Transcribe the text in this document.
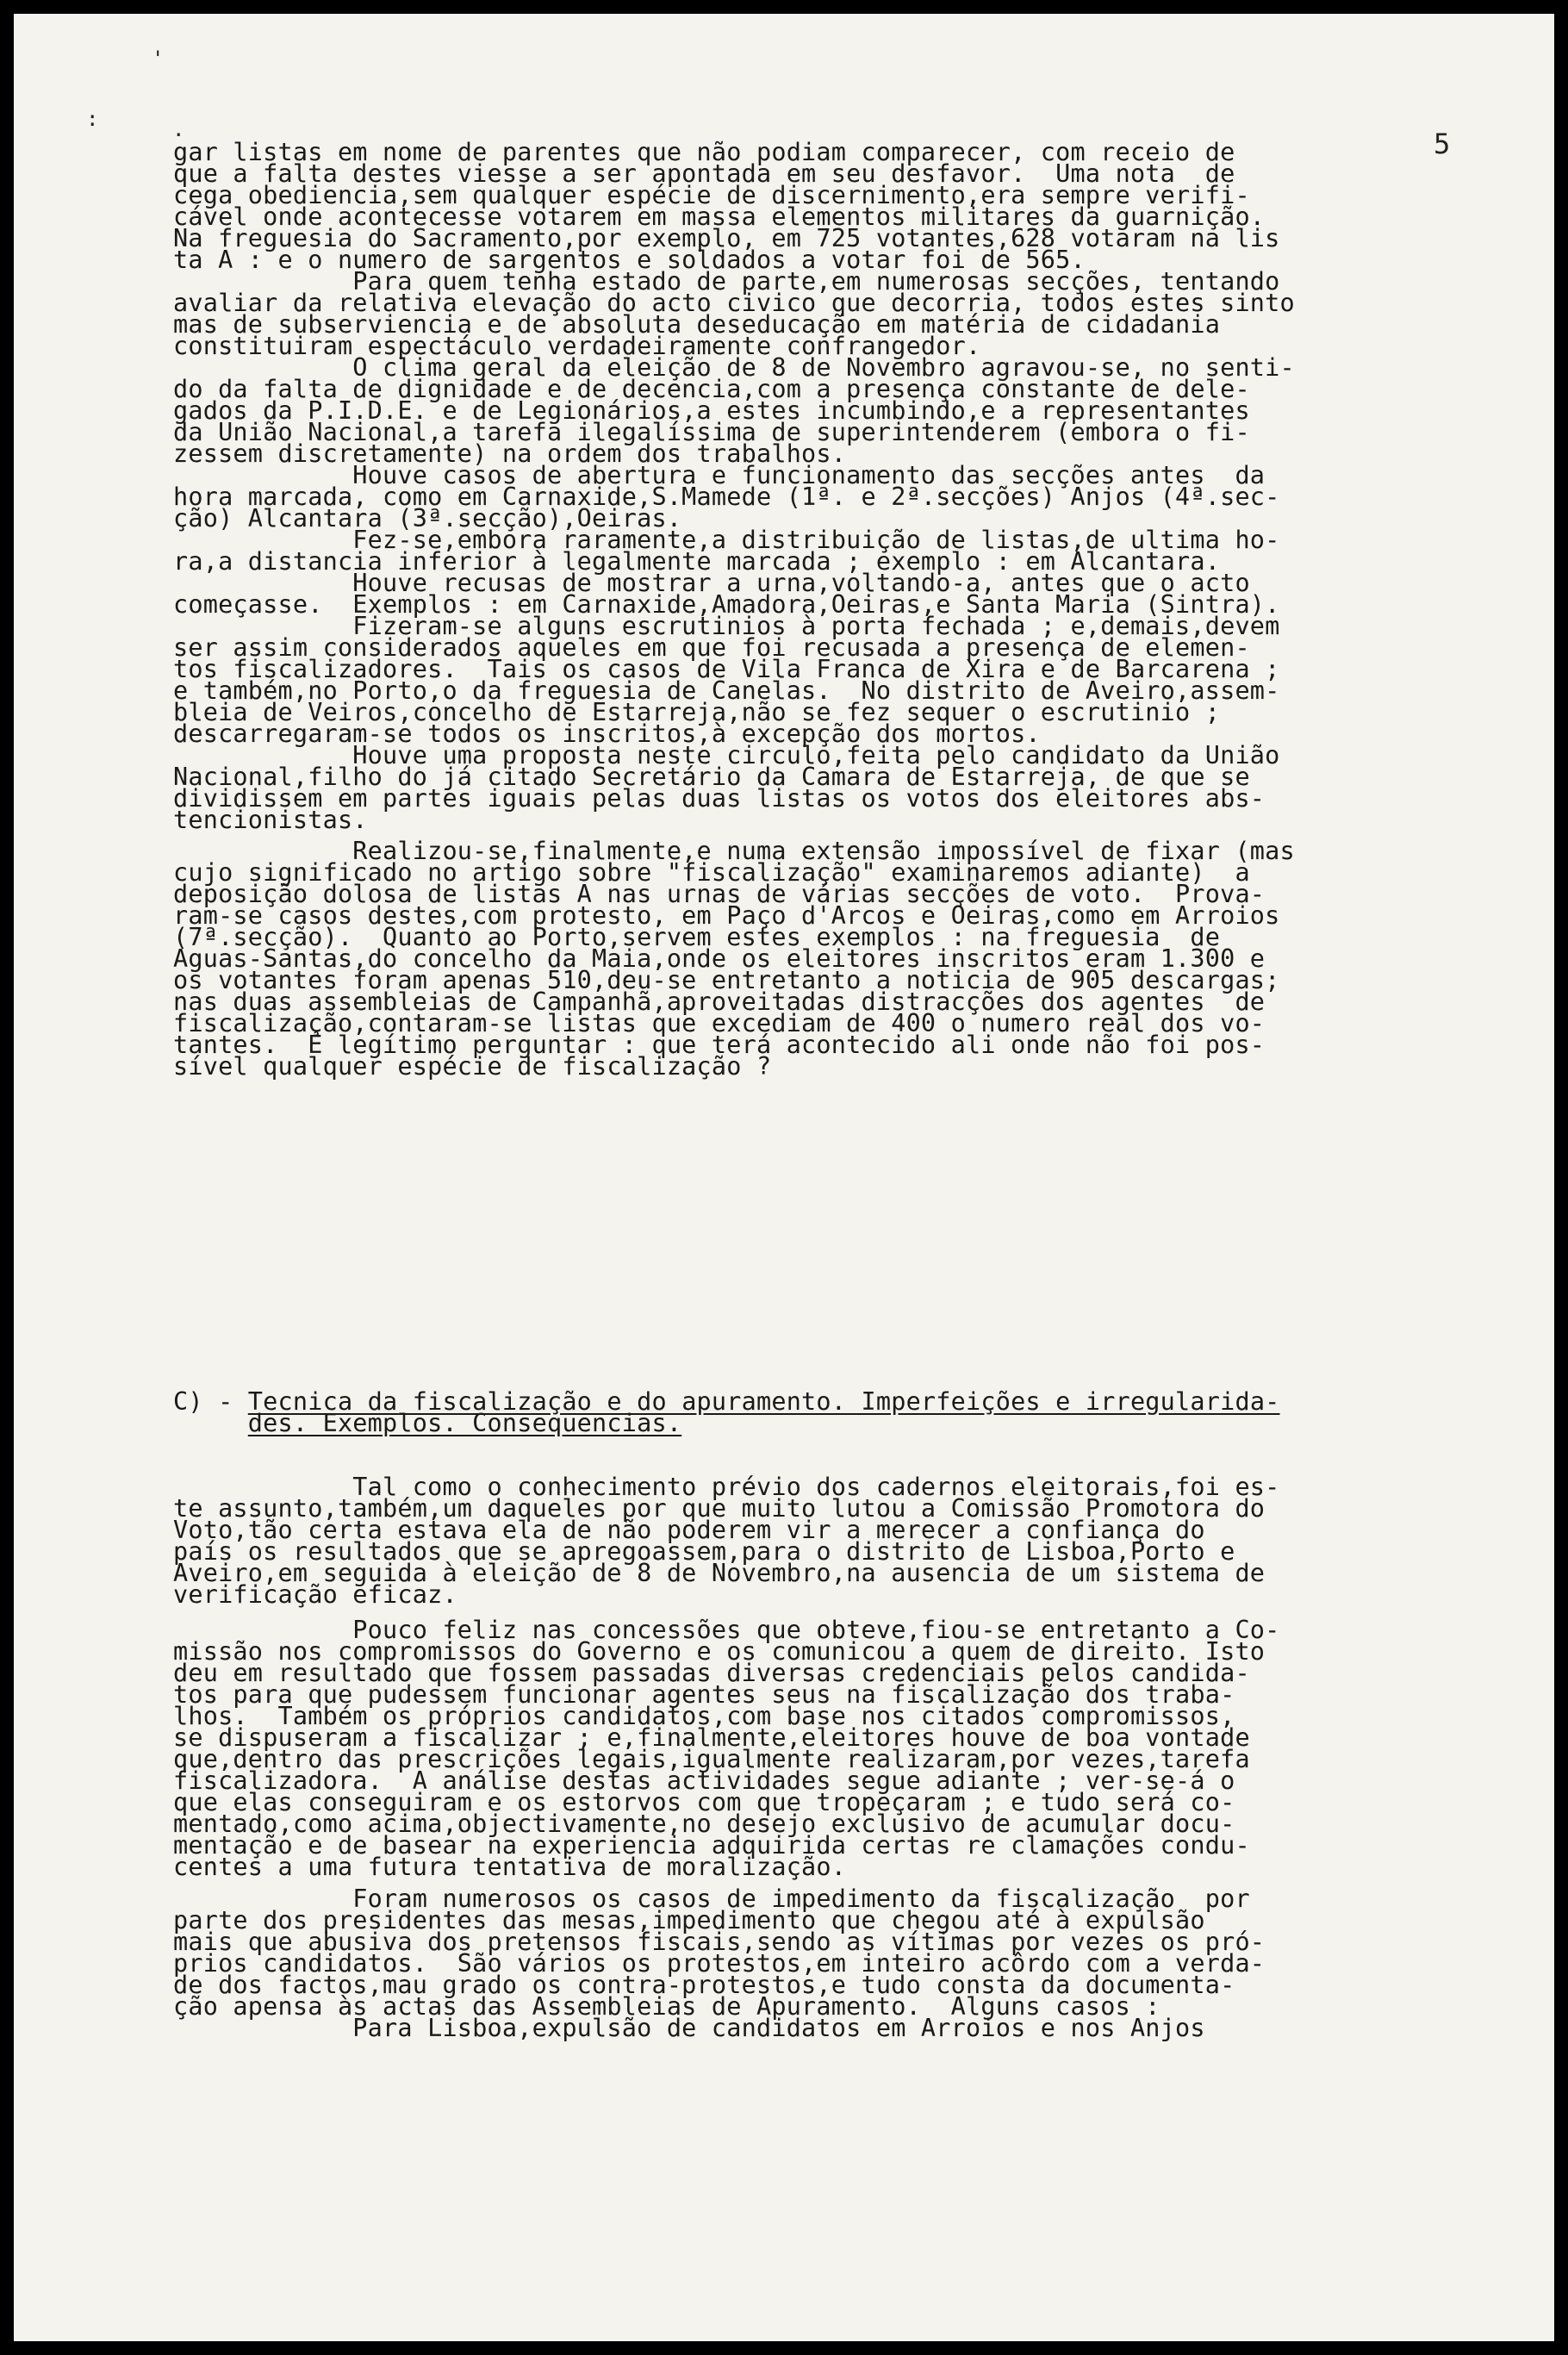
'
:	.	5
gar listas em nome de parentes que não podiam comparecer, com receio de
que a falta destes viesse a ser apontada em seu desfavor.  Uma nota  de
cega obediencia,sem qualquer espécie de discernimento,era sempre verifi-
cável onde acontecesse votarem em massa elementos militares da guarnição.
Na freguesia do Sacramento,por exemplo, em 725 votantes,628 votaram na lis
ta A : e o numero de sargentos e soldados a votar foi de 565.
Para quem tenha estado de parte,em numerosas secções, tentando
avaliar da relativa elevação do acto civico que decorria, todos estes sinto
mas de subserviencia e de absoluta deseducação em matéria de cidadania
constituiram espectáculo verdadeiramente confrangedor.
O clima geral da eleição de 8 de Novembro agravou-se, no senti-
do da falta de dignidade e de decencia,com a presença constante de dele-
gados da P.I.D.E. e de Legionários,a estes incumbindo,e a representantes
da União Nacional,a tarefa ilegalíssima de superintenderem (embora o fi-
zessem discretamente) na ordem dos trabalhos.
Houve casos de abertura e funcionamento das secções antes  da
hora marcada, como em Carnaxide,S.Mamede (1ª. e 2ª.secções) Anjos (4ª.sec-
ção) Alcantara (3ª.secção),Oeiras.
Fez-se,embora raramente,a distribuição de listas,de ultima ho-
ra,a distancia inferior à legalmente marcada ; exemplo : em Alcantara.
Houve recusas de mostrar a urna,voltando-a, antes que o acto
começasse.  Exemplos : em Carnaxide,Amadora,Oeiras,e Santa Maria (Sintra).
Fizeram-se alguns escrutinios à porta fechada ; e,demais,devem
ser assim considerados aqueles em que foi recusada a presença de elemen-
tos fiscalizadores.  Tais os casos de Vila Franca de Xira e de Barcarena ;
e também,no Porto,o da freguesia de Canelas.  No distrito de Aveiro,assem-
bleia de Veiros,concelho de Estarreja,não se fez sequer o escrutinio ;
descarregaram-se todos os inscritos,à excepção dos mortos.
Houve uma proposta neste circulo,feita pelo candidato da União
Nacional,filho do já citado Secretário da Camara de Estarreja, de que se
dividissem em partes iguais pelas duas listas os votos dos eleitores abs-
tencionistas.
Realizou-se,finalmente,e numa extensão impossível de fixar (mas
cujo significado no artigo sobre "fiscalização" examinaremos adiante)  a
deposição dolosa de listas A nas urnas de várias secções de voto.  Prova-
ram-se casos destes,com protesto, em Paço d'Arcos e Oeiras,como em Arroios
(7ª.secção).  Quanto ao Porto,servem estes exemplos : na freguesia  de
Aguas-Santas,do concelho da Maia,onde os eleitores inscritos eram 1.300 e
os votantes foram apenas 510,deu-se entretanto a noticia de 905 descargas;
nas duas assembleias de Campanhã,aproveitadas distracções dos agentes  de
fiscalização,contaram-se listas que excediam de 400 o numero real dos vo-
tantes.  É legítimo perguntar : que terá acontecido ali onde não foi pos-
sível qualquer espécie de fiscalização ?
C) - Tecnica da fiscalização e do apuramento. Imperfeições e irregularida-
des. Exemplos. Consequencias.
Tal como o conhecimento prévio dos cadernos eleitorais,foi es-
te assunto,também,um daqueles por que muito lutou a Comissão Promotora do
Voto,tão certa estava ela de não poderem vir a merecer a confiança do
país os resultados que se apregoassem,para o distrito de Lisboa,Porto e
Aveiro,em seguida à eleição de 8 de Novembro,na ausencia de um sistema de
verificação eficaz.
Pouco feliz nas concessões que obteve,fiou-se entretanto a Co-
missão nos compromissos do Governo e os comunicou a quem de direito. Isto
deu em resultado que fossem passadas diversas credenciais pelos candida-
tos para que pudessem funcionar agentes seus na fiscalização dos traba-
lhos.  Também os próprios candidatos,com base nos citados compromissos,
se dispuseram a fiscalizar ; e,finalmente,eleitores houve de boa vontade
que,dentro das prescrições legais,igualmente realizaram,por vezes,tarefa
fiscalizadora.  A análise destas actividades segue adiante ; ver-se-á o
que elas conseguiram e os estorvos com que tropeçaram ; e tudo será co-
mentado,como acima,objectivamente,no desejo exclusivo de acumular docu-
mentação e de basear na experiencia adquirida certas re clamações condu-
centes a uma futura tentativa de moralização.
Foram numerosos os casos de impedimento da fiscalização  por
parte dos presidentes das mesas,impedimento que chegou até à expulsão
mais que abusiva dos pretensos fiscais,sendo as vítimas por vezes os pró-
prios candidatos.  São vários os protestos,em inteiro acôrdo com a verda-
de dos factos,mau grado os contra-protestos,e tudo consta da documenta-
ção apensa às actas das Assembleias de Apuramento.  Alguns casos :
Para Lisboa,expulsão de candidatos em Arroios e nos Anjos
